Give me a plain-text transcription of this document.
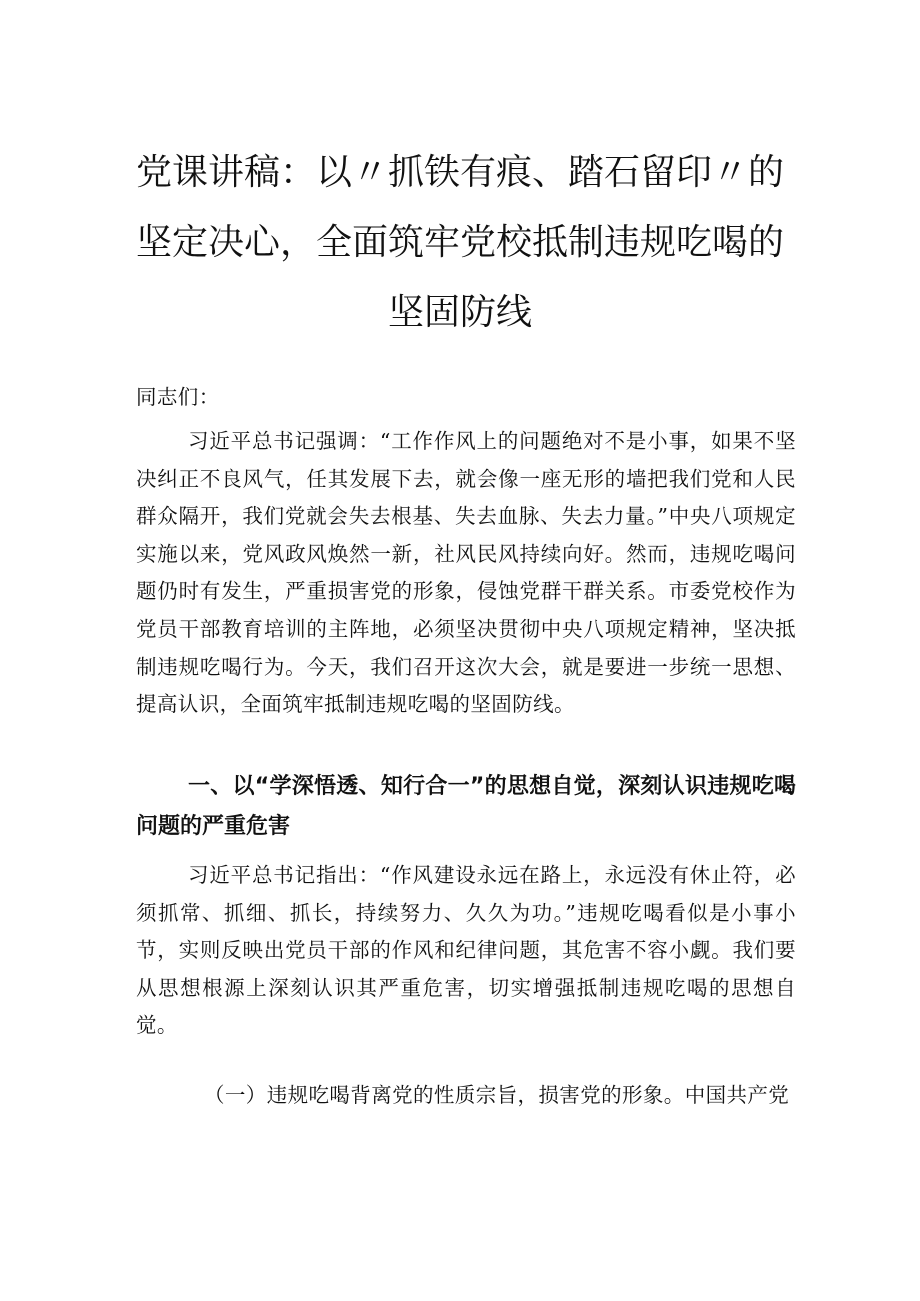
党课讲稿：以〃抓铁有痕、踏石留印〃的
坚定决心，全面筑牢党校抵制违规吃喝的
坚固防线

同志们：

习近平总书记强调：“工作作风上的问题绝对不是小事，如果不坚决纠正不良风气，任其发展下去，就会像一座无形的墙把我们党和人民群众隔开，我们党就会失去根基、失去血脉、失去力量。”中央八项规定实施以来，党风政风焕然一新，社风民风持续向好。然而，违规吃喝问题仍时有发生，严重损害党的形象，侵蚀党群干群关系。市委党校作为党员干部教育培训的主阵地，必须坚决贯彻中央八项规定精神，坚决抵制违规吃喝行为。今天，我们召开这次大会，就是要进一步统一思想、提高认识，全面筑牢抵制违规吃喝的坚固防线。

一、以“学深悟透、知行合一”的思想自觉，深刻认识违规吃喝问题的严重危害

习近平总书记指出：“作风建设永远在路上，永远没有休止符，必须抓常、抓细、抓长，持续努力、久久为功。”违规吃喝看似是小事小节，实则反映出党员干部的作风和纪律问题，其危害不容小觑。我们要从思想根源上深刻认识其严重危害，切实增强抵制违规吃喝的思想自觉。

（一）违规吃喝背离党的性质宗旨，损害党的形象。中国共产党
